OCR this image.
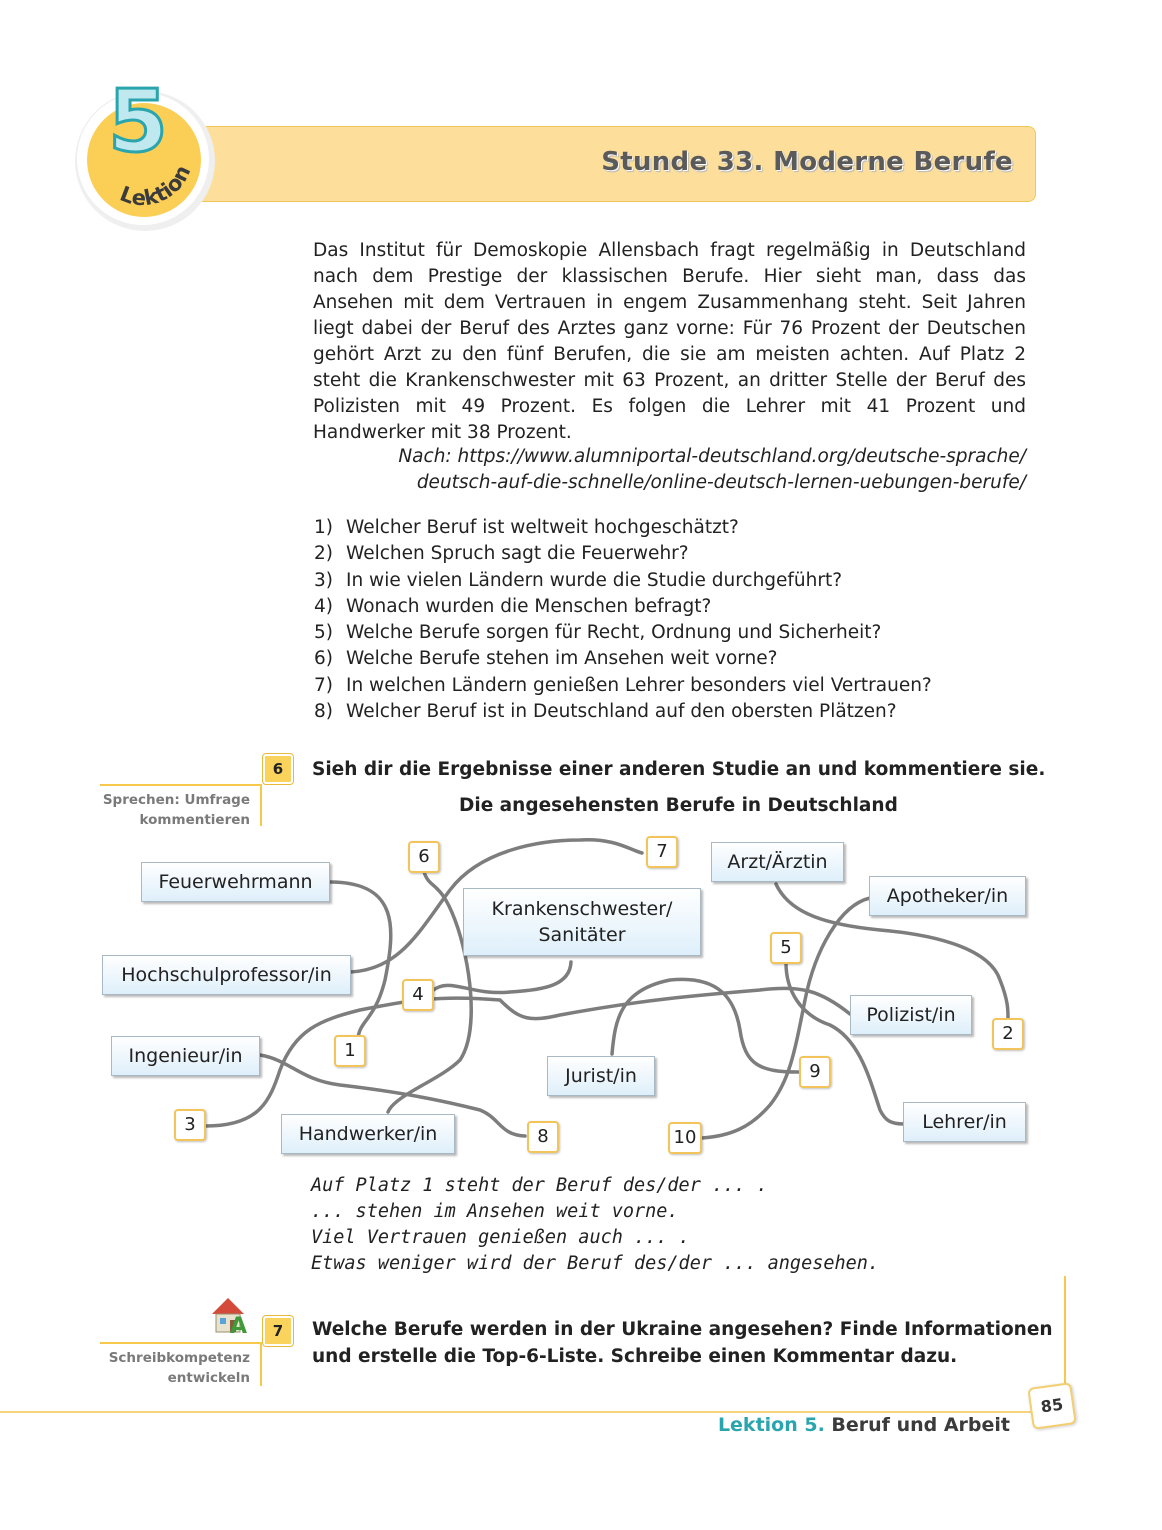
Stunde 33. Moderne Berufe
Lektion
5
Das Institut für Demoskopie Allensbach fragt regelmäßig in Deutschland nach dem Prestige der klassischen Berufe. Hier sieht man, dass das Ansehen mit dem Vertrauen in engem Zusammenhang steht. Seit Jahren liegt dabei der Beruf des Arztes ganz vorne: Für 76 Prozent der Deutschen gehört Arzt zu den fünf Berufen, die sie am meisten achten. Auf Platz 2 steht die Krankenschwester mit 63 Prozent, an dritter Stelle der Beruf des Polizisten mit 49 Prozent. Es folgen die Lehrer mit 41 Prozent und Handwerker mit 38 Prozent.
Nach: https://www.alumniportal-deutschland.org/deutsche-sprache/
deutsch-auf-die-schnelle/online-deutsch-lernen-uebungen-berufe/
1) Welcher Beruf ist weltweit hochgeschätzt?
2) Welchen Spruch sagt die Feuerwehr?
3) In wie vielen Ländern wurde die Studie durchgeführt?
4) Wonach wurden die Menschen befragt?
5) Welche Berufe sorgen für Recht, Ordnung und Sicherheit?
6) Welche Berufe stehen im Ansehen weit vorne?
7) In welchen Ländern genießen Lehrer besonders viel Vertrauen?
8) Welcher Beruf ist in Deutschland auf den obersten Plätzen?
6
Sprechen: Umfrage
kommentieren
Sieh dir die Ergebnisse einer anderen Studie an und kommentiere sie.
Die angesehensten Berufe in Deutschland
Feuerwehrmann
Hochschulprofessor/in
Ingenieur/in
Handwerker/in
Krankenschwester/
Sanitäter
Jurist/in
Arzt/Ärztin
Apotheker/in
Polizist/in
Lehrer/in
1
2
3
4
5
6	7
8
9
10
Auf Platz 1 steht der Beruf des/der ... .
... stehen im Ansehen weit vorne.
Viel Vertrauen genießen auch ... .
Etwas weniger wird der Beruf des/der ... angesehen.
A	7
Schreibkompetenz
entwickeln
Welche Berufe werden in der Ukraine angesehen? Finde Informationen
und erstelle die Top-6-Liste. Schreibe einen Kommentar dazu.
Lektion 5. Beruf und Arbeit
85
